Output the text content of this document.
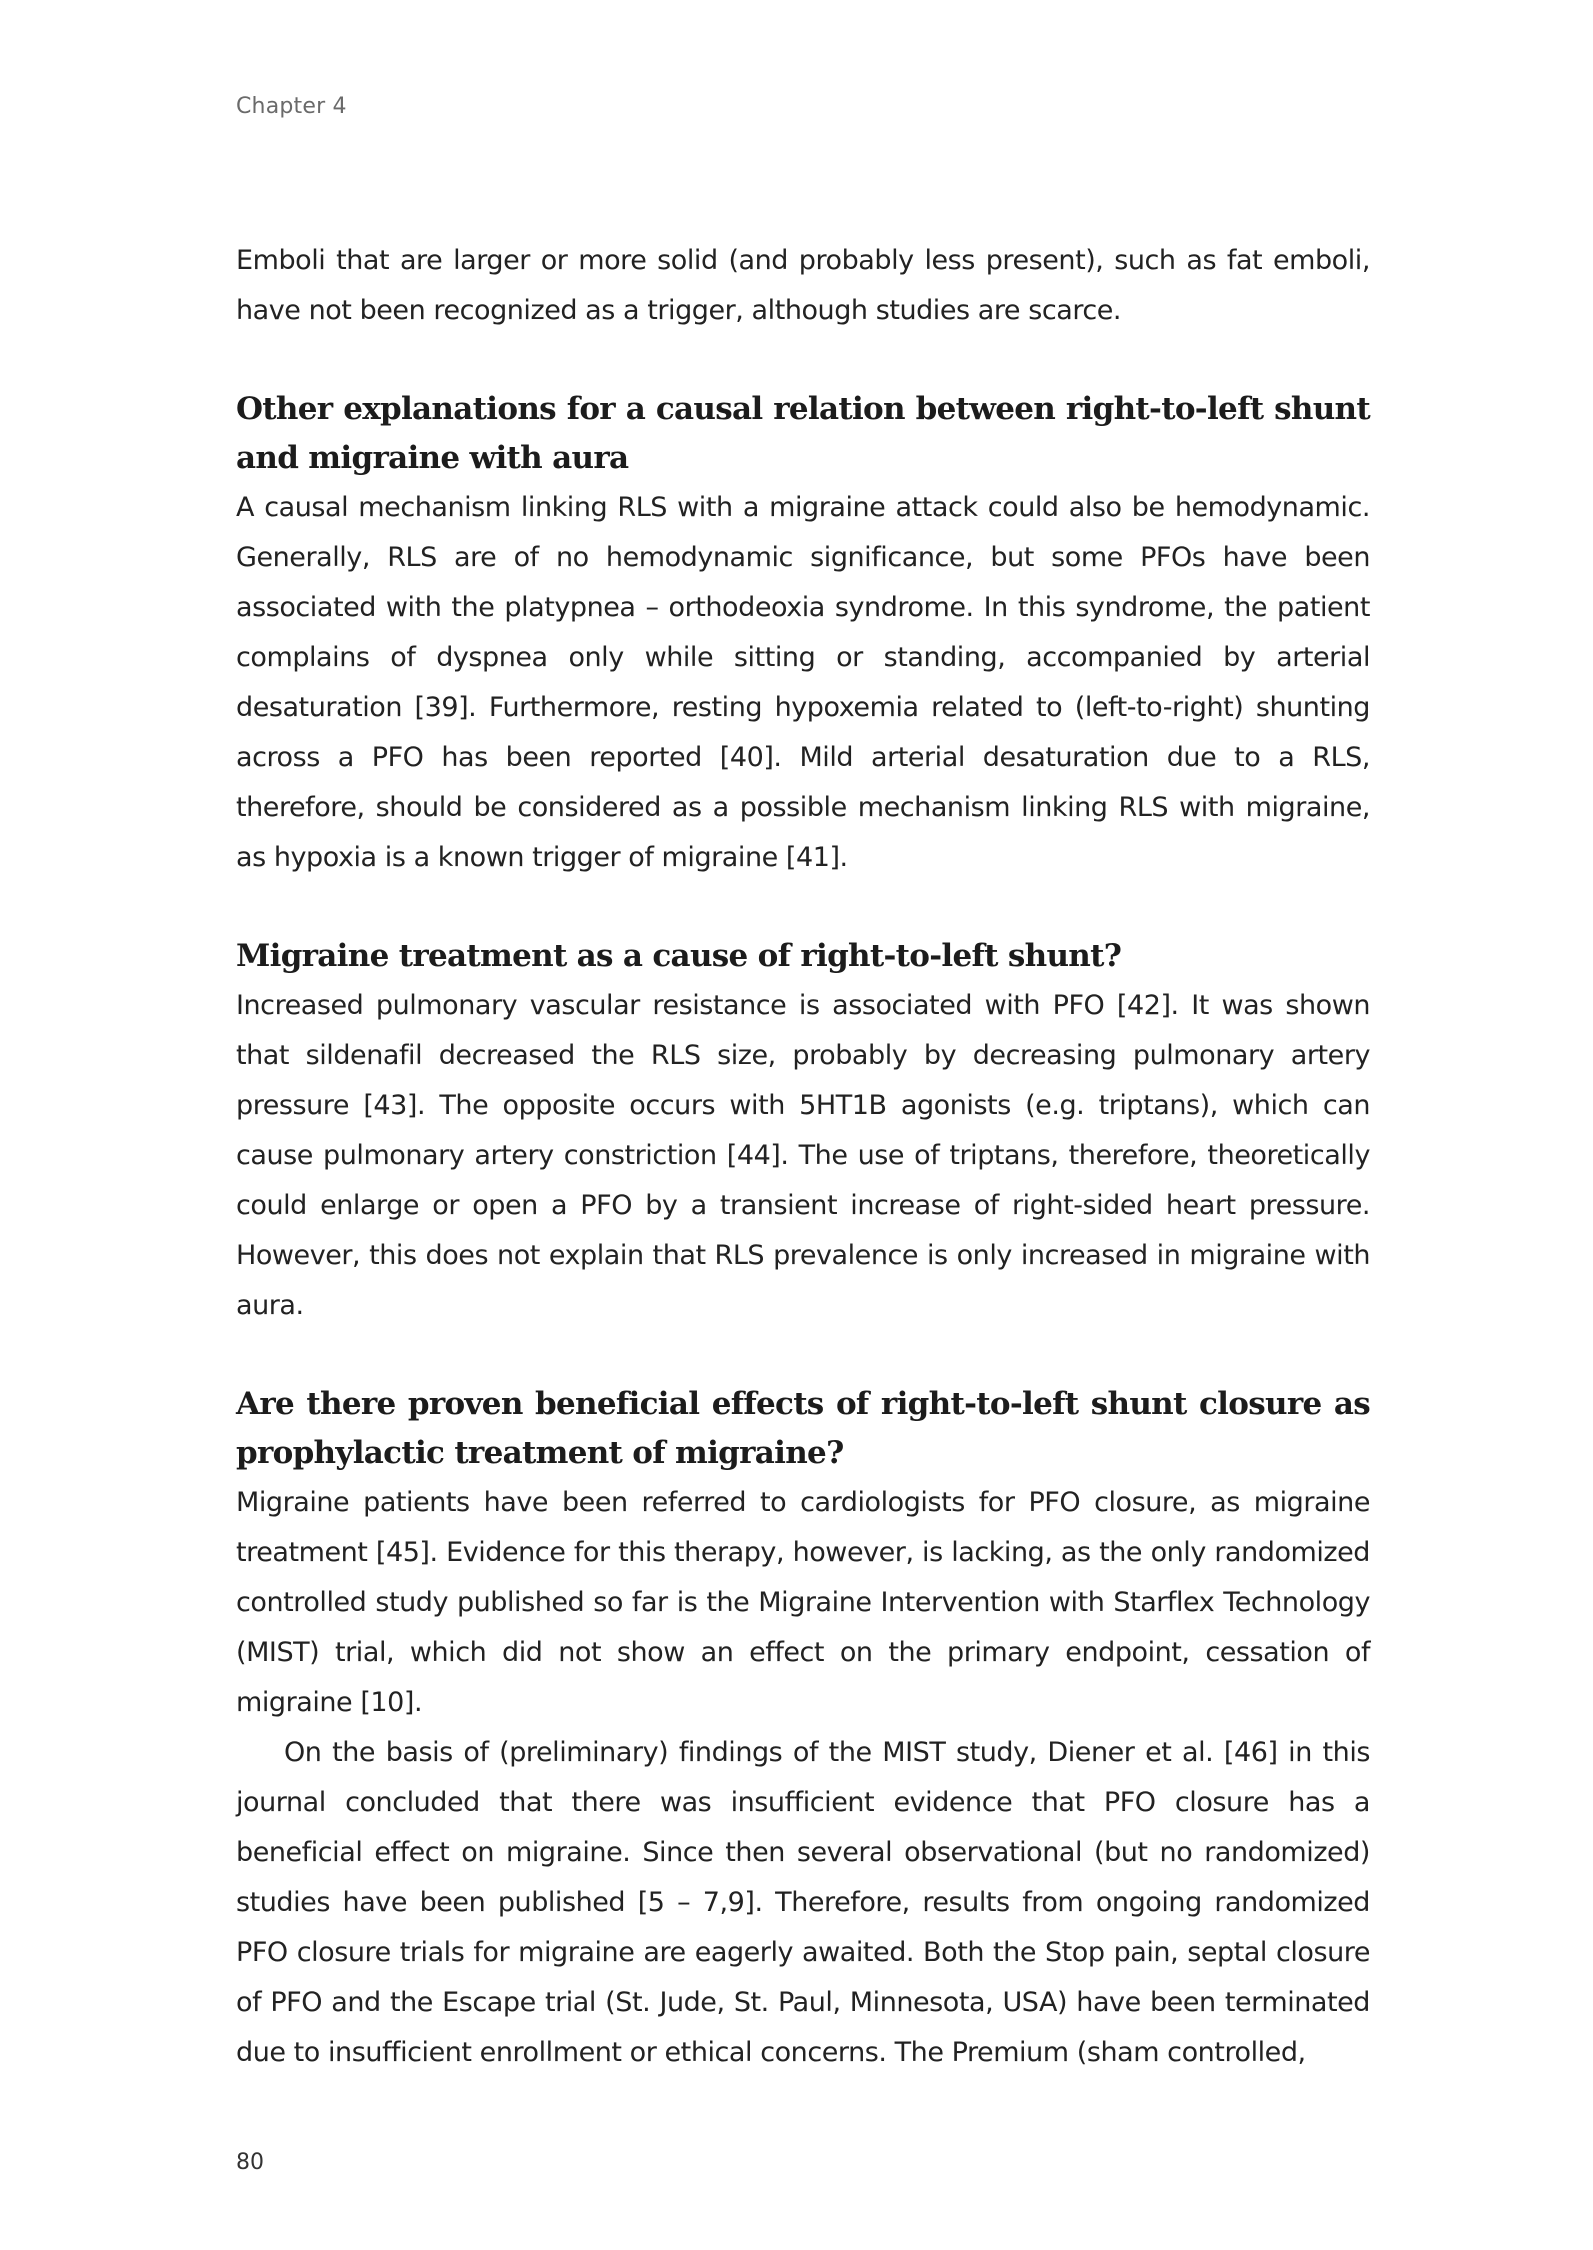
Chapter 4

Emboli that are larger or more solid (and probably less present), such as fat emboli, have not been recognized as a trigger, although studies are scarce.

Other explanations for a causal relation between right-to-left shunt and migraine with aura

A causal mechanism linking RLS with a migraine attack could also be hemodynamic. Generally, RLS are of no hemodynamic significance, but some PFOs have been associated with the platypnea – orthodeoxia syndrome. In this syndrome, the patient complains of dyspnea only while sitting or standing, accompanied by arterial desaturation [39]. Furthermore, resting hypoxemia related to (left-to-right) shunting across a PFO has been reported [40]. Mild arterial desaturation due to a RLS, therefore, should be considered as a possible mechanism linking RLS with migraine, as hypoxia is a known trigger of migraine [41].

Migraine treatment as a cause of right-to-left shunt?

Increased pulmonary vascular resistance is associated with PFO [42]. It was shown that sildenafil decreased the RLS size, probably by decreasing pulmonary artery pressure [43]. The opposite occurs with 5HT1B agonists (e.g. triptans), which can cause pulmonary artery constriction [44]. The use of triptans, therefore, theoretically could enlarge or open a PFO by a transient increase of right-sided heart pressure. However, this does not explain that RLS prevalence is only increased in migraine with aura.

Are there proven beneficial effects of right-to-left shunt closure as prophylactic treatment of migraine?

Migraine patients have been referred to cardiologists for PFO closure, as migraine treatment [45]. Evidence for this therapy, however, is lacking, as the only randomized controlled study published so far is the Migraine Intervention with Starflex Technology (MIST) trial, which did not show an effect on the primary endpoint, cessation of migraine [10].

On the basis of (preliminary) findings of the MIST study, Diener et al. [46] in this journal concluded that there was insufficient evidence that PFO closure has a beneficial effect on migraine. Since then several observational (but no randomized) studies have been published [5 – 7,9]. Therefore, results from ongoing randomized PFO closure trials for migraine are eagerly awaited. Both the Stop pain, septal closure of PFO and the Escape trial (St. Jude, St. Paul, Minnesota, USA) have been terminated due to insufficient enrollment or ethical concerns. The Premium (sham controlled,

80
